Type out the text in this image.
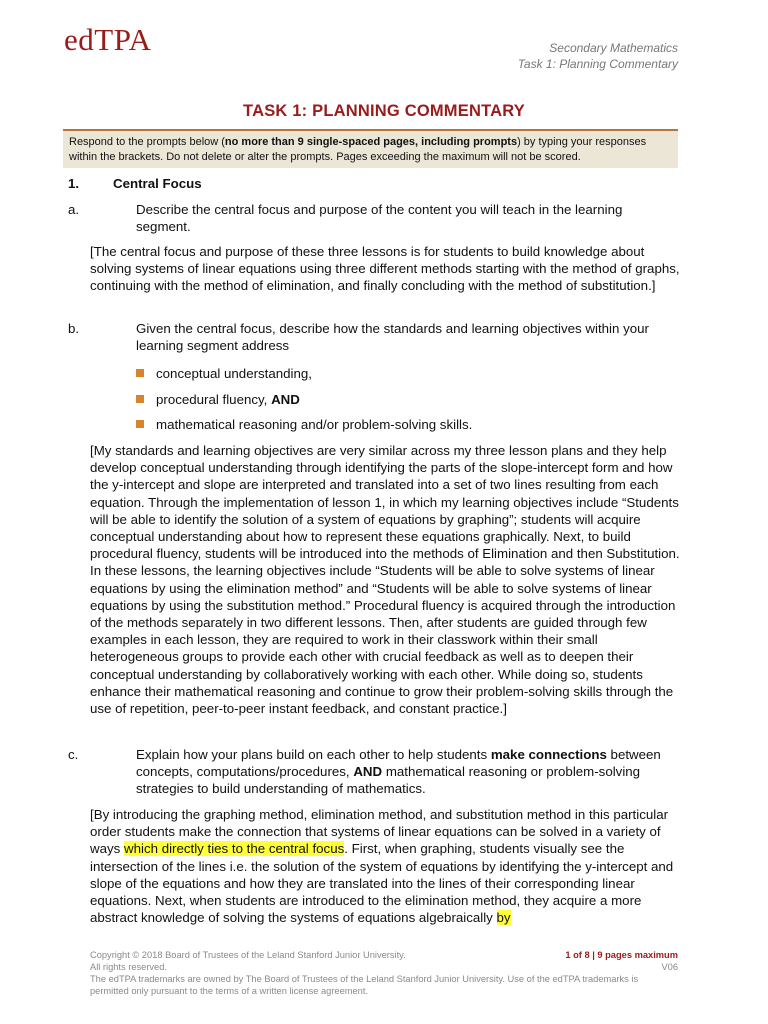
edTPA	Secondary Mathematics
Task 1: Planning Commentary
TASK 1: PLANNING COMMENTARY
Respond to the prompts below (no more than 9 single-spaced pages, including prompts) by typing your responses within the brackets. Do not delete or alter the prompts. Pages exceeding the maximum will not be scored.
1.	Central Focus
a.	Describe the central focus and purpose of the content you will teach in the learning segment.
[The central focus and purpose of these three lessons is for students to build knowledge about solving systems of linear equations using three different methods starting with the method of graphs, continuing with the method of elimination, and finally concluding with the method of substitution.]
b.	Given the central focus, describe how the standards and learning objectives within your learning segment address
conceptual understanding,
procedural fluency, AND
mathematical reasoning and/or problem-solving skills.
[My standards and learning objectives are very similar across my three lesson plans and they help develop conceptual understanding through identifying the parts of the slope-intercept form and how the y-intercept and slope are interpreted and translated into a set of two lines resulting from each equation. Through the implementation of lesson 1, in which my learning objectives include “Students will be able to identify the solution of a system of equations by graphing”; students will acquire conceptual understanding about how to represent these equations graphically. Next, to build procedural fluency, students will be introduced into the methods of Elimination and then Substitution. In these lessons, the learning objectives include “Students will be able to solve systems of linear equations by using the elimination method” and “Students will be able to solve systems of linear equations by using the substitution method.” Procedural fluency is acquired through the introduction of the methods separately in two different lessons. Then, after students are guided through few examples in each lesson, they are required to work in their classwork within their small heterogeneous groups to provide each other with crucial feedback as well as to deepen their conceptual understanding by collaboratively working with each other. While doing so, students enhance their mathematical reasoning and continue to grow their problem-solving skills through the use of repetition, peer-to-peer instant feedback, and constant practice.]
c.	Explain how your plans build on each other to help students make connections between concepts, computations/procedures, AND mathematical reasoning or problem-solving strategies to build understanding of mathematics.
[By introducing the graphing method, elimination method, and substitution method in this particular order students make the connection that systems of linear equations can be solved in a variety of ways which directly ties to the central focus. First, when graphing, students visually see the intersection of the lines i.e. the solution of the system of equations by identifying the y-intercept and slope of the equations and how they are translated into the lines of their corresponding linear equations. Next, when students are introduced to the elimination method, they acquire a more abstract knowledge of solving the systems of equations algebraically by
Copyright © 2018 Board of Trustees of the Leland Stanford Junior University.
All rights reserved.
The edTPA trademarks are owned by The Board of Trustees of the Leland Stanford Junior University. Use of the edTPA trademarks is permitted only pursuant to the terms of a written license agreement.
1 of 8 | 9 pages maximum
V06
